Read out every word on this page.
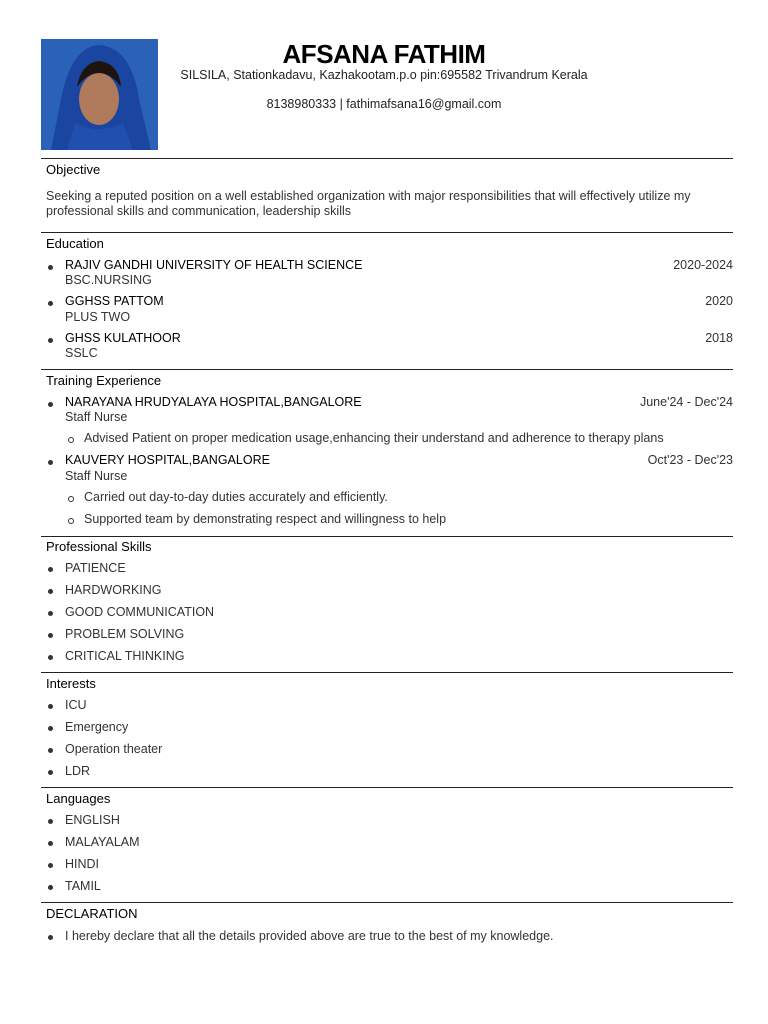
AFSANA FATHIM
SILSILA, Stationkadavu, Kazhakootam.p.o pin:695582 Trivandrum Kerala
8138980333 | fathimafsana16@gmail.com
Objective
Seeking a reputed position on a well established organization with major responsibilities that will effectively utilize my professional skills and communication, leadership skills
Education
RAJIV GANDHI UNIVERSITY OF HEALTH SCIENCE	2020-2024
BSC.NURSING
GGHSS PATTOM	2020
PLUS TWO
GHSS KULATHOOR	2018
SSLC
Training Experience
NARAYANA HRUDYALAYA HOSPITAL,BANGALORE	June'24 - Dec'24
Staff Nurse
Advised Patient on proper medication usage,enhancing their understand and adherence to therapy plans
KAUVERY HOSPITAL,BANGALORE	Oct'23 - Dec'23
Staff Nurse
Carried out day-to-day duties accurately and efficiently.
Supported team by demonstrating respect and willingness to help
Professional Skills
PATIENCE
HARDWORKING
GOOD COMMUNICATION
PROBLEM SOLVING
CRITICAL THINKING
Interests
ICU
Emergency
Operation theater
LDR
Languages
ENGLISH
MALAYALAM
HINDI
TAMIL
DECLARATION
I hereby declare that all the details provided above are true to the best of my knowledge.
